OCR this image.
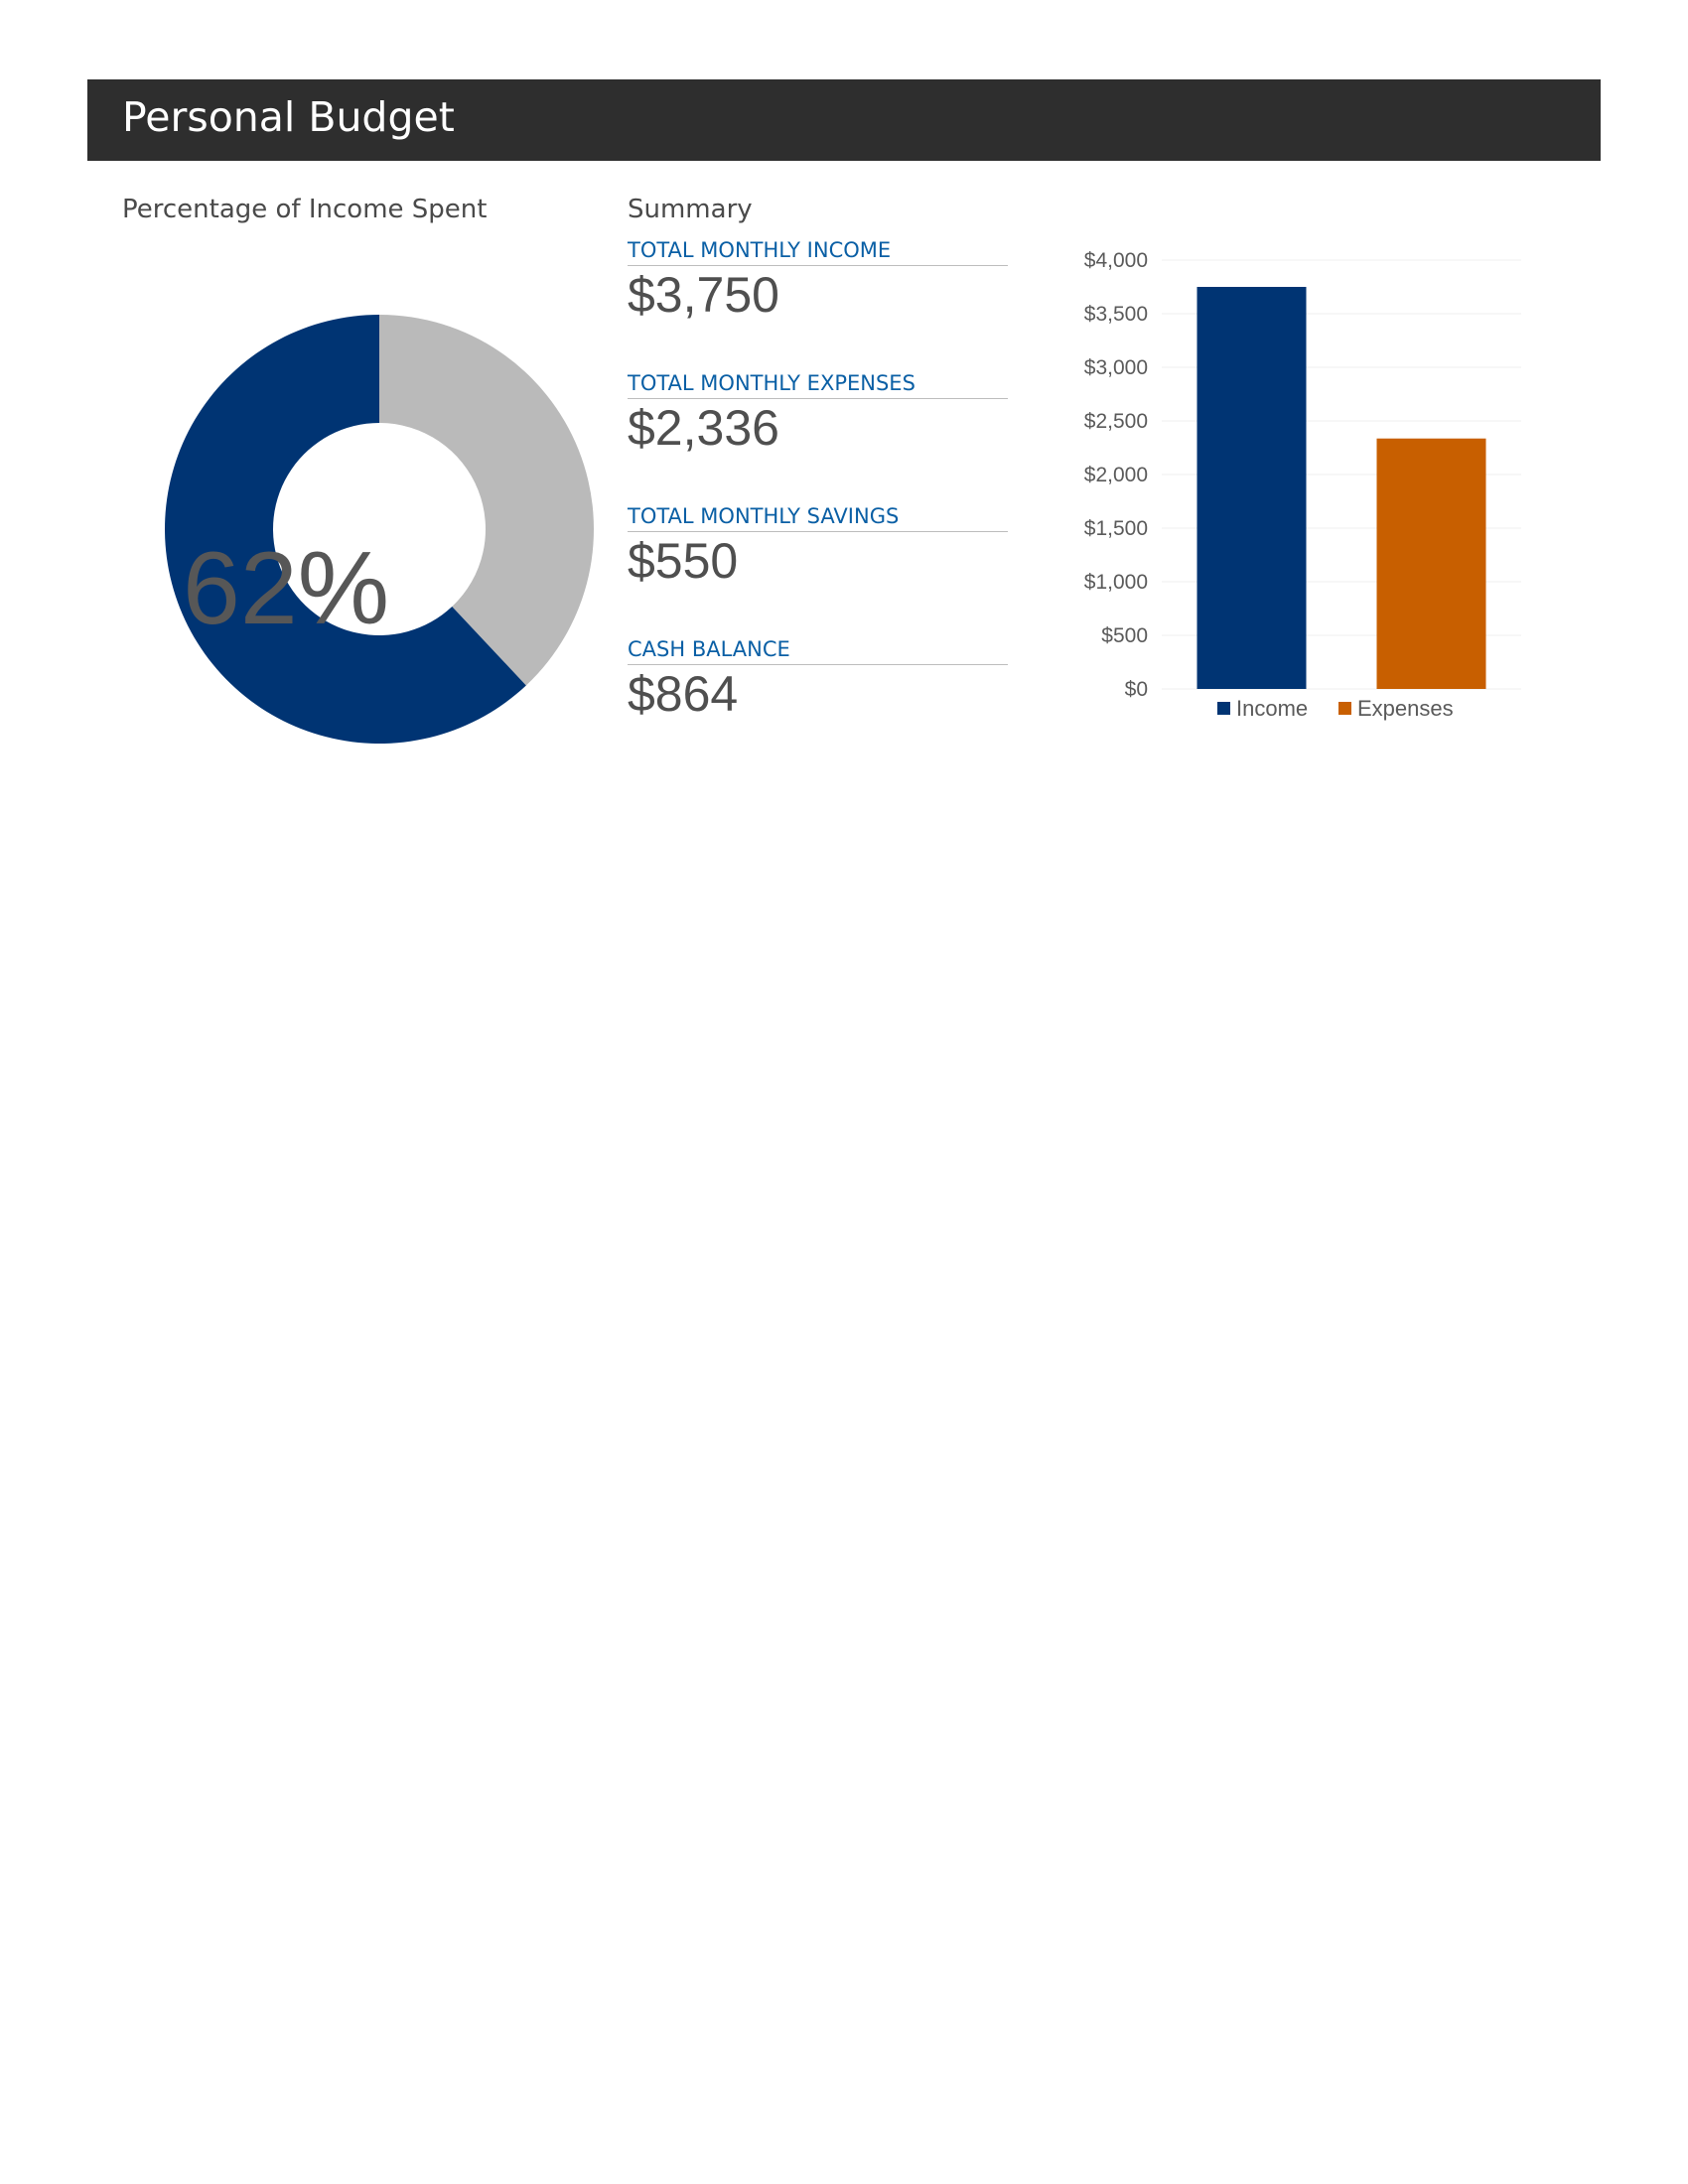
Personal Budget
Percentage of Income Spent	Summary
62%
TOTAL MONTHLY INCOME
$3,750
TOTAL MONTHLY EXPENSES
$2,336
TOTAL MONTHLY SAVINGS
$550
CASH BALANCE
$864	$0
$500
$1,000
$1,500
$2,000
$2,500
$3,000
$3,500
$4,000
Income Expenses
